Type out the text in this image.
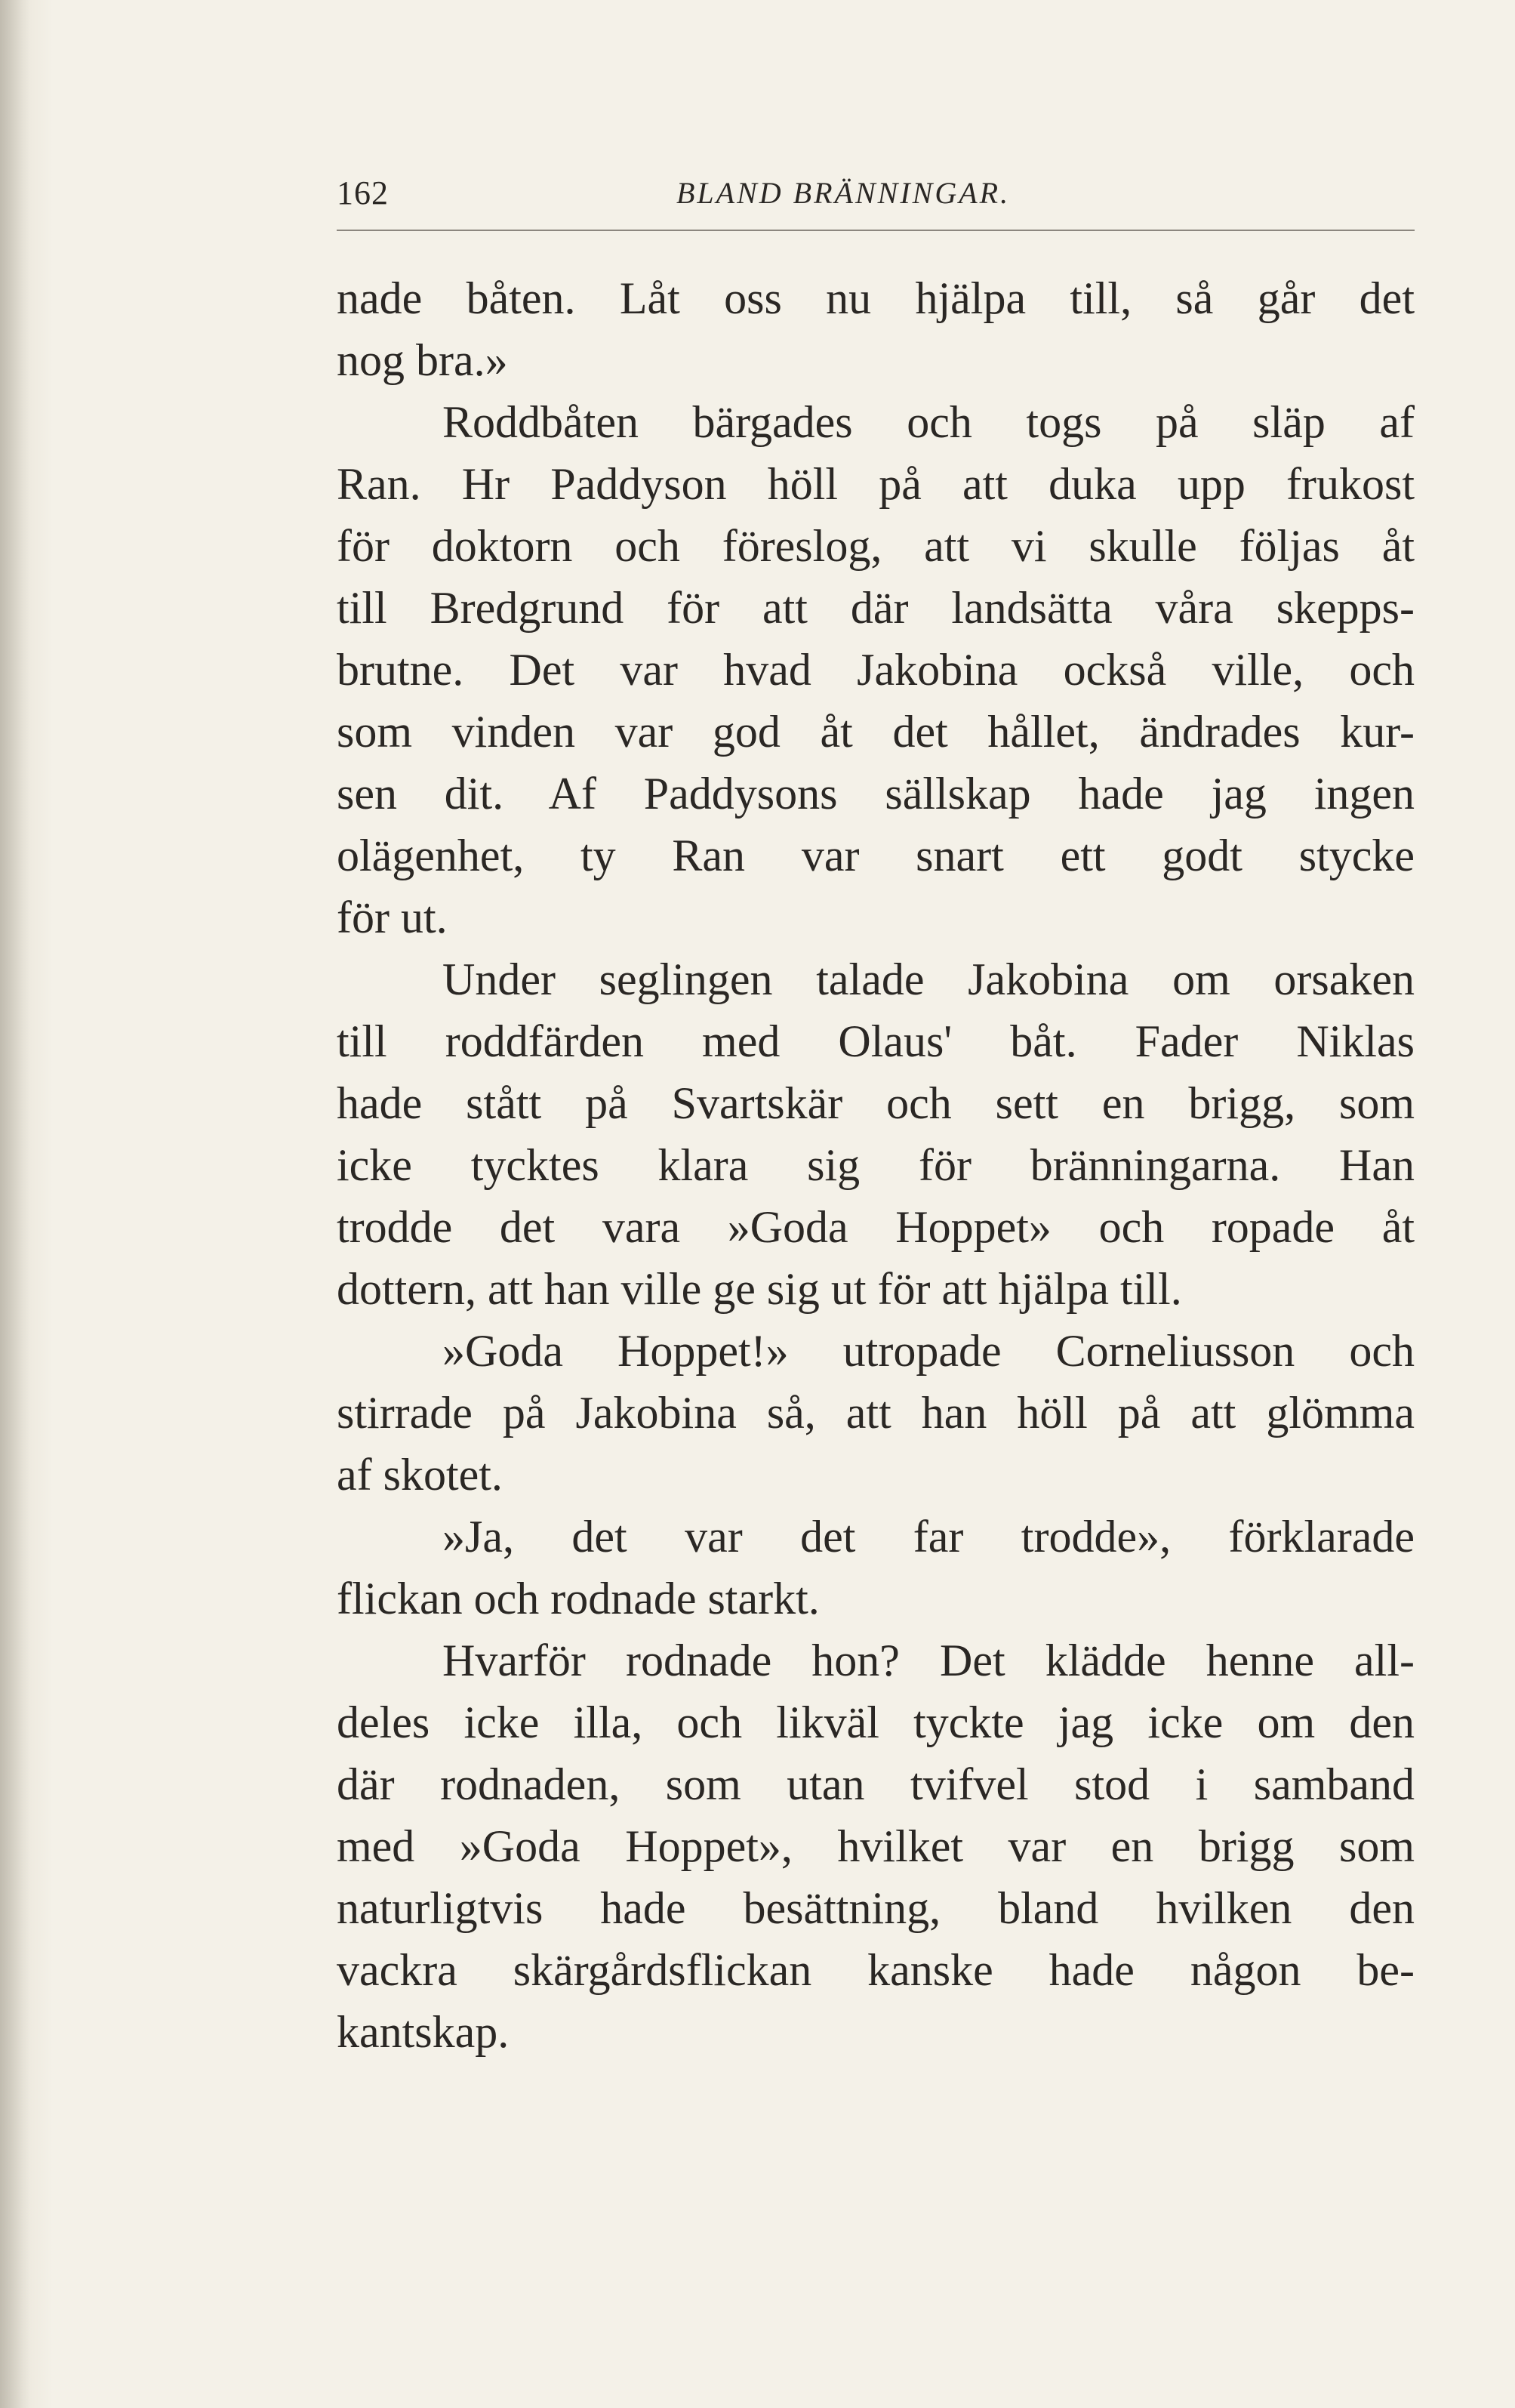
162	BLAND BRÄNNINGAR.
nade båten. Låt oss nu hjälpa till, så går det
nog bra.»
Roddbåten bärgades och togs på släp af
Ran. Hr Paddyson höll på att duka upp frukost
för doktorn och föreslog, att vi skulle följas åt
till Bredgrund för att där landsätta våra skepps-
brutne. Det var hvad Jakobina också ville, och
som vinden var god åt det hållet, ändrades kur-
sen dit. Af Paddysons sällskap hade jag ingen
olägenhet, ty Ran var snart ett godt stycke
för ut.
Under seglingen talade Jakobina om orsaken
till roddfärden med Olaus' båt. Fader Niklas
hade stått på Svartskär och sett en brigg, som
icke tycktes klara sig för bränningarna. Han
trodde det vara »Goda Hoppet» och ropade åt
dottern, att han ville ge sig ut för att hjälpa till.
»Goda Hoppet!» utropade Corneliusson och
stirrade på Jakobina så, att han höll på att glömma
af skotet.
»Ja, det var det far trodde», förklarade
flickan och rodnade starkt.
Hvarför rodnade hon? Det klädde henne all-
deles icke illa, och likväl tyckte jag icke om den
där rodnaden, som utan tvifvel stod i samband
med »Goda Hoppet», hvilket var en brigg som
naturligtvis hade besättning, bland hvilken den
vackra skärgårdsflickan kanske hade någon be-
kantskap.
